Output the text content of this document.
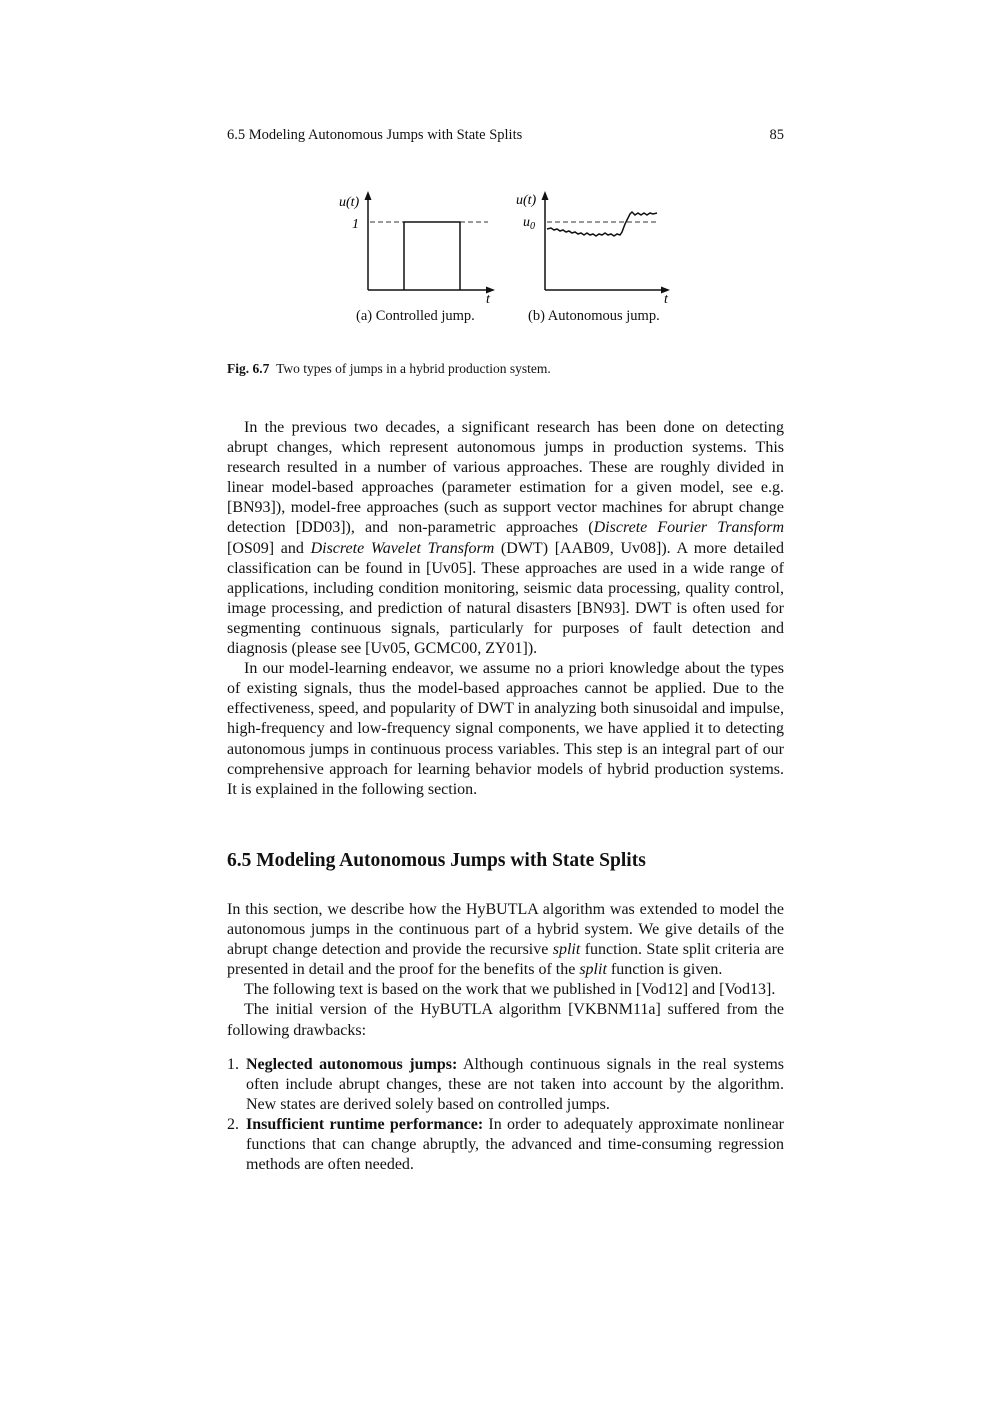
6.5 Modeling Autonomous Jumps with State Splits	85
u(t)
1
t
u(t)
$u_0$
t
(a) Controlled jump.	(b) Autonomous jump.
Fig. 6.7 Two types of jumps in a hybrid production system.

In the previous two decades, a significant research has been done on detecting abrupt changes, which represent autonomous jumps in production systems. This research resulted in a number of various approaches. These are roughly divided in linear model-based approaches (parameter estimation for a given model, see e.g. [BN93]), model-free approaches (such as support vector machines for abrupt change detection [DD03]), and non-parametric approaches (Discrete Fourier Transform [OS09] and Discrete Wavelet Transform (DWT) [AAB09, Uv08]). A more detailed classification can be found in [Uv05]. These approaches are used in a wide range of applications, including condition monitoring, seismic data processing, quality control, image processing, and prediction of natural disasters [BN93]. DWT is often used for segmenting continuous signals, particularly for purposes of fault detection and diagnosis (please see [Uv05, GCMC00, ZY01]).

In our model-learning endeavor, we assume no a priori knowledge about the types of existing signals, thus the model-based approaches cannot be applied. Due to the effectiveness, speed, and popularity of DWT in analyzing both sinusoidal and impulse, high-frequency and low-frequency signal components, we have applied it to detecting autonomous jumps in continuous process variables. This step is an integral part of our comprehensive approach for learning behavior models of hybrid production systems. It is explained in the following section.

6.5 Modeling Autonomous Jumps with State Splits

In this section, we describe how the HyBUTLA algorithm was extended to model the autonomous jumps in the continuous part of a hybrid system. We give details of the abrupt change detection and provide the recursive split function. State split criteria are presented in detail and the proof for the benefits of the split function is given.

The following text is based on the work that we published in [Vod12] and [Vod13].

The initial version of the HyBUTLA algorithm [VKBNM11a] suffered from the following drawbacks:

1. Neglected autonomous jumps: Although continuous signals in the real systems often include abrupt changes, these are not taken into account by the algorithm. New states are derived solely based on controlled jumps.
2. Insufficient runtime performance: In order to adequately approximate nonlinear functions that can change abruptly, the advanced and time-consuming regression methods are often needed.
